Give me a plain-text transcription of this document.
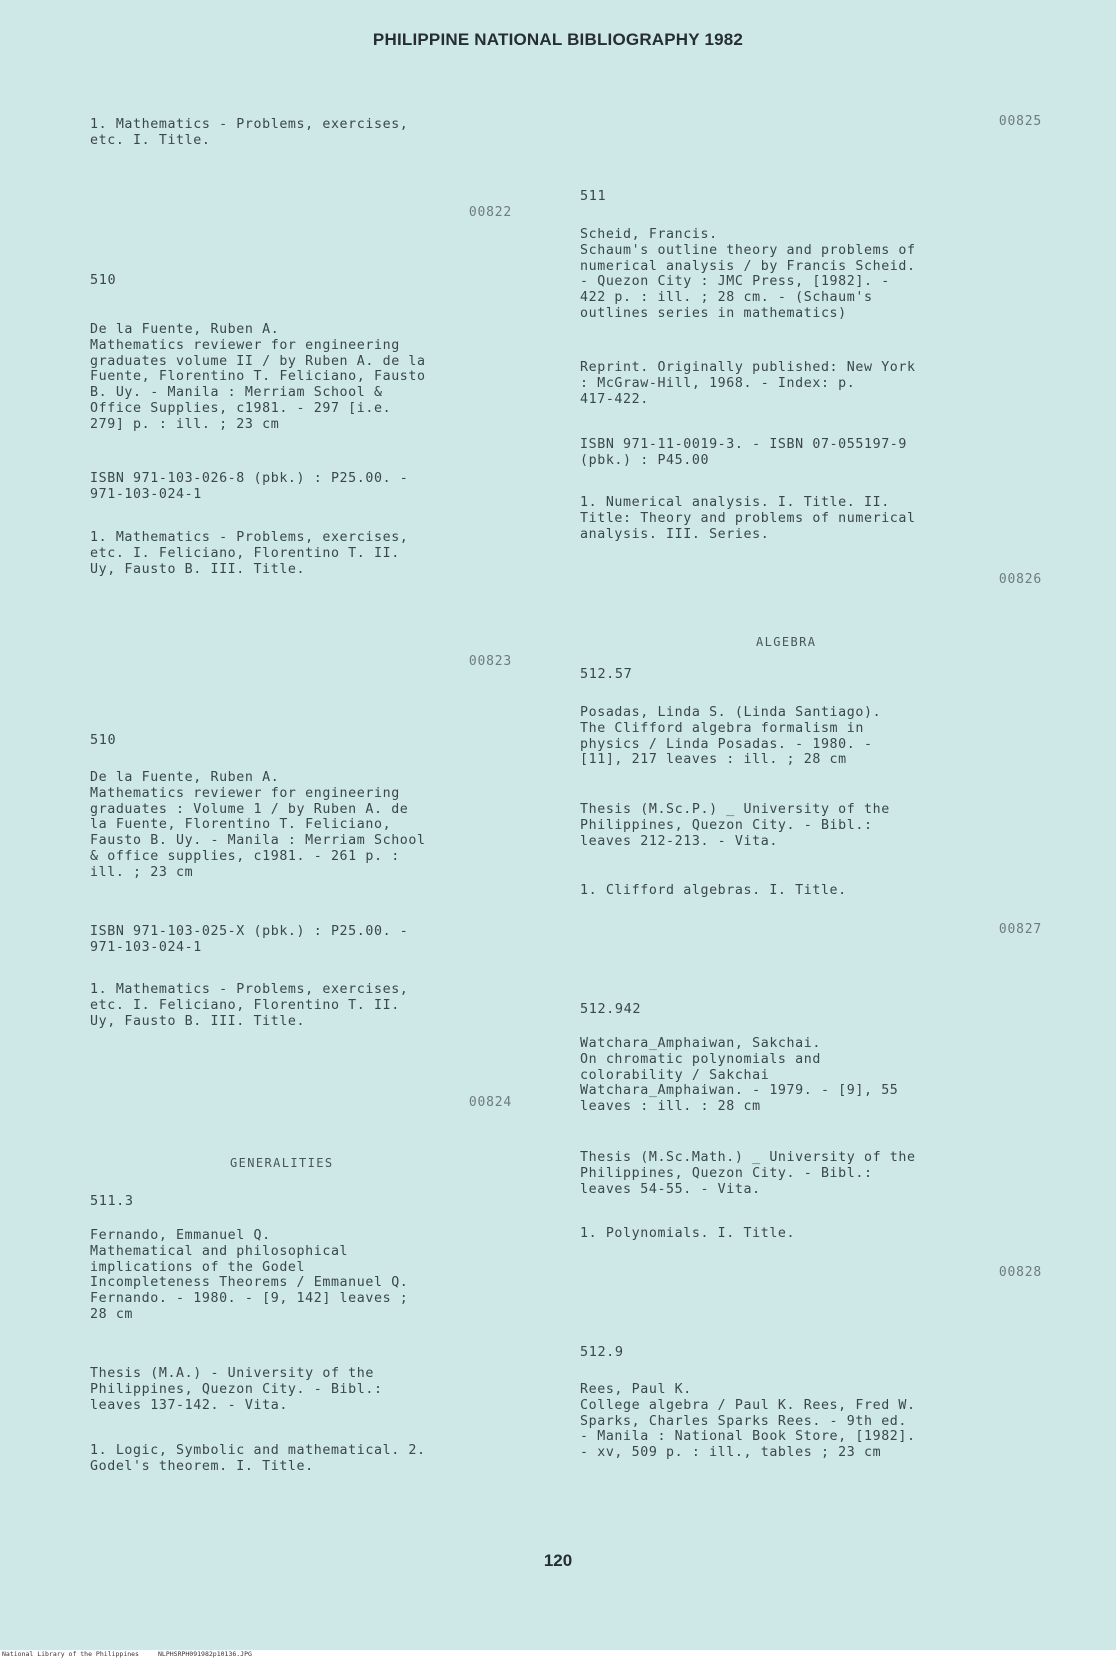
PHILIPPINE NATIONAL BIBLIOGRAPHY 1982
1. Mathematics - Problems, exercises,
etc. I. Title.
00822
510
De la Fuente, Ruben A.
Mathematics reviewer for engineering
graduates volume II / by Ruben A. de la
Fuente, Florentino T. Feliciano, Fausto
B. Uy. - Manila : Merriam School &
Office Supplies, c1981. - 297 [i.e.
279] p. : ill. ; 23 cm
ISBN 971-103-026-8 (pbk.) : P25.00. -
971-103-024-1
1. Mathematics - Problems, exercises,
etc. I. Feliciano, Florentino T. II.
Uy, Fausto B. III. Title.
00823
510
De la Fuente, Ruben A.
Mathematics reviewer for engineering
graduates : Volume 1 / by Ruben A. de
la Fuente, Florentino T. Feliciano,
Fausto B. Uy. - Manila : Merriam School
& office supplies, c1981. - 261 p. :
ill. ; 23 cm
ISBN 971-103-025-X (pbk.) : P25.00. -
971-103-024-1
1. Mathematics - Problems, exercises,
etc. I. Feliciano, Florentino T. II.
Uy, Fausto B. III. Title.
00824
GENERALITIES
511.3
Fernando, Emmanuel Q.
Mathematical and philosophical
implications of the Godel
Incompleteness Theorems / Emmanuel Q.
Fernando. - 1980. - [9, 142] leaves ;
28 cm
Thesis (M.A.) - University of the
Philippines, Quezon City. - Bibl.:
leaves 137-142. - Vita.
1. Logic, Symbolic and mathematical. 2.
Godel's theorem. I. Title.
00825
511
Scheid, Francis.
Schaum's outline theory and problems of
numerical analysis / by Francis Scheid.
- Quezon City : JMC Press, [1982]. -
422 p. : ill. ; 28 cm. - (Schaum's
outlines series in mathematics)
Reprint. Originally published: New York
: McGraw-Hill, 1968. - Index: p.
417-422.
ISBN 971-11-0019-3. - ISBN 07-055197-9
(pbk.) : P45.00
1. Numerical analysis. I. Title. II.
Title: Theory and problems of numerical
analysis. III. Series.
00826
ALGEBRA
512.57
Posadas, Linda S. (Linda Santiago).
The Clifford algebra formalism in
physics / Linda Posadas. - 1980. -
[11], 217 leaves : ill. ; 28 cm
Thesis (M.Sc.P.) _ University of the
Philippines, Quezon City. - Bibl.:
leaves 212-213. - Vita.
1. Clifford algebras. I. Title.
00827
512.942
Watchara_Amphaiwan, Sakchai.
On chromatic polynomials and
colorability / Sakchai
Watchara_Amphaiwan. - 1979. - [9], 55
leaves : ill. : 28 cm
Thesis (M.Sc.Math.) _ University of the
Philippines, Quezon City. - Bibl.:
leaves 54-55. - Vita.
1. Polynomials. I. Title.
00828
512.9
Rees, Paul K.
College algebra / Paul K. Rees, Fred W.
Sparks, Charles Sparks Rees. - 9th ed.
- Manila : National Book Store, [1982].
- xv, 509 p. : ill., tables ; 23 cm
120
National Library of the Philippines	NLPHSRPH091982p10136.JPG
